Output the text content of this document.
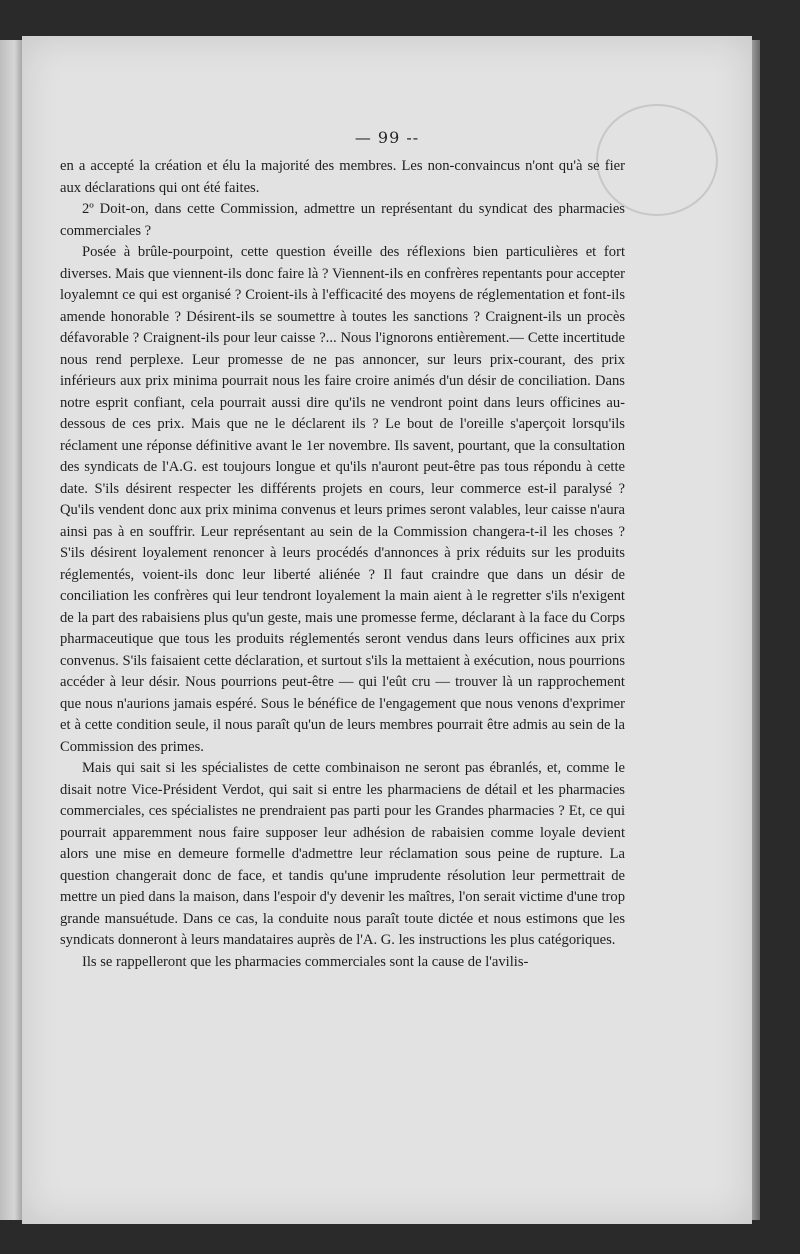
— 99 --

en a accepté la création et élu la majorité des membres. Les non-convaincus n'ont qu'à se fier aux déclarations qui ont été faites.

2º Doit-on, dans cette Commission, admettre un représentant du syndicat des pharmacies commerciales ?

Posée à brûle-pourpoint, cette question éveille des réflexions bien particulières et fort diverses. Mais que viennent-ils donc faire là ? Viennent-ils en confrères repentants pour accepter loyalemnt ce qui est organisé ? Croient-ils à l'efficacité des moyens de réglementation et font-ils amende honorable ? Désirent-ils se soumettre à toutes les sanctions ? Craignent-ils un procès défavorable ? Craignent-ils pour leur caisse ?... Nous l'ignorons entièrement.— Cette incertitude nous rend perplexe. Leur promesse de ne pas annoncer, sur leurs prix-courant, des prix inférieurs aux prix minima pourrait nous les faire croire animés d'un désir de conciliation. Dans notre esprit confiant, cela pourrait aussi dire qu'ils ne vendront point dans leurs officines au-dessous de ces prix. Mais que ne le déclarent ils ? Le bout de l'oreille s'aperçoit lorsqu'ils réclament une réponse définitive avant le 1er novembre. Ils savent, pourtant, que la consultation des syndicats de l'A.G. est toujours longue et qu'ils n'auront peut-être pas tous répondu à cette date. S'ils désirent respecter les différents projets en cours, leur commerce est-il paralysé ? Qu'ils vendent donc aux prix minima convenus et leurs primes seront valables, leur caisse n'aura ainsi pas à en souffrir. Leur représentant au sein de la Commission changera-t-il les choses ? S'ils désirent loyalement renoncer à leurs procédés d'annonces à prix réduits sur les produits réglementés, voient-ils donc leur liberté aliénée ? Il faut craindre que dans un désir de conciliation les confrères qui leur tendront loyalement la main aient à le regretter s'ils n'exigent de la part des rabaisiens plus qu'un geste, mais une promesse ferme, déclarant à la face du Corps pharmaceutique que tous les produits réglementés seront vendus dans leurs officines aux prix convenus. S'ils faisaient cette déclaration, et surtout s'ils la mettaient à exécution, nous pourrions accéder à leur désir. Nous pourrions peut-être — qui l'eût cru — trouver là un rapprochement que nous n'aurions jamais espéré. Sous le bénéfice de l'engagement que nous venons d'exprimer et à cette condition seule, il nous paraît qu'un de leurs membres pourrait être admis au sein de la Commission des primes.

Mais qui sait si les spécialistes de cette combinaison ne seront pas ébranlés, et, comme le disait notre Vice-Président Verdot, qui sait si entre les pharmaciens de détail et les pharmacies commerciales, ces spécialistes ne prendraient pas parti pour les Grandes pharmacies ? Et, ce qui pourrait apparemment nous faire supposer leur adhésion de rabaisien comme loyale devient alors une mise en demeure formelle d'admettre leur réclamation sous peine de rupture. La question changerait donc de face, et tandis qu'une imprudente résolution leur permettrait de mettre un pied dans la maison, dans l'espoir d'y devenir les maîtres, l'on serait victime d'une trop grande mansuétude. Dans ce cas, la conduite nous paraît toute dictée et nous estimons que les syndicats donneront à leurs mandataires auprès de l'A. G. les instructions les plus catégoriques.

Ils se rappelleront que les pharmacies commerciales sont la cause de l'avilis-
